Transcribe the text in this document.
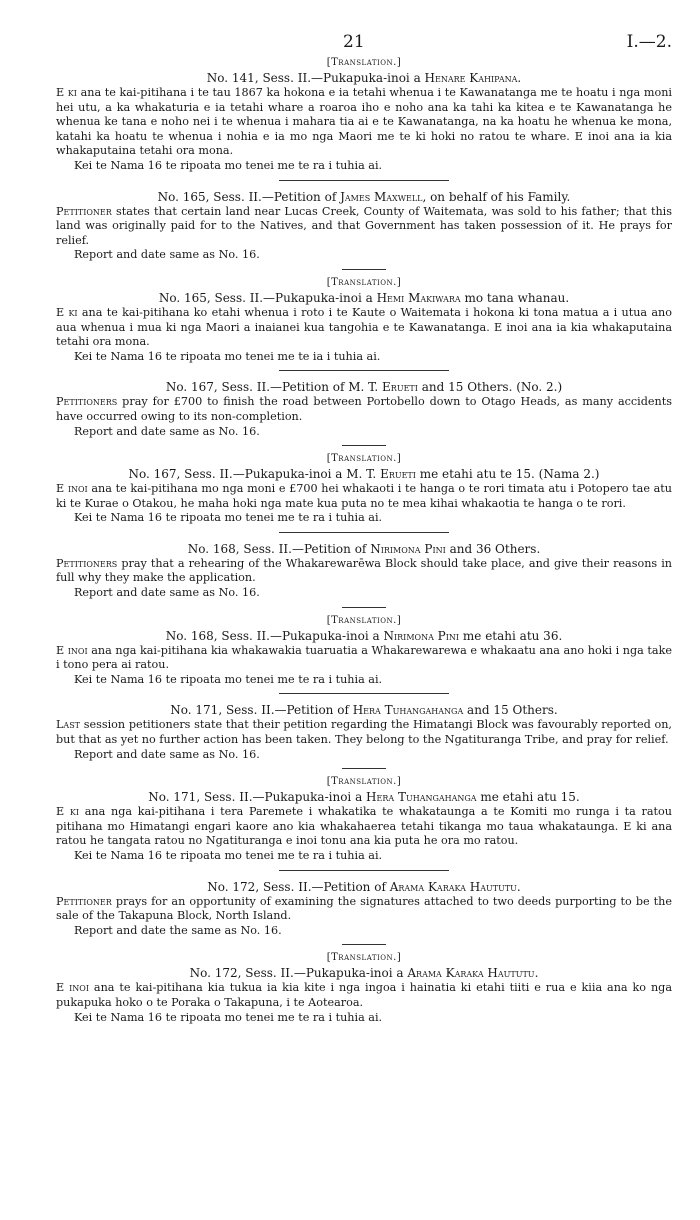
21	I.—2.

[Translation.]

No. 141, Sess. II.—Pukapuka-inoi a Henare Kahipana.

E ki ana te kai-pitihana i te tau 1867 ka hokona e ia tetahi whenua i te Kawanatanga me te hoatu i nga moni hei utu, a ka whakaturia e ia tetahi whare a roaroa iho e noho ana ka tahi ka kitea e te Kawanatanga he whenua ke tana e noho nei i te whenua i mahara tia ai e te Kawanatanga, na ka hoatu he whenua ke mona, katahi ka hoatu te whenua i nohia e ia mo nga Maori me te ki hoki no ratou te whare. E inoi ana ia kia whakaputaina tetahi ora mona.

Kei te Nama 16 te ripoata mo tenei me te ra i tuhia ai.

No. 165, Sess. II.—Petition of James Maxwell, on behalf of his Family.

Petitioner states that certain land near Lucas Creek, County of Waitemata, was sold to his father; that this land was originally paid for to the Natives, and that Government has taken possession of it. He prays for relief.

Report and date same as No. 16.

[Translation.]

No. 165, Sess. II.—Pukapuka-inoi a Hemi Makiwara mo tana whanau.

E ki ana te kai-pitihana ko etahi whenua i roto i te Kaute o Waitemata i hokona ki tona matua a i utua ano aua whenua i mua ki nga Maori a inaianei kua tangohia e te Kawanatanga. E inoi ana ia kia whakaputaina tetahi ora mona.

Kei te Nama 16 te ripoata mo tenei me te ia i tuhia ai.

No. 167, Sess. II.—Petition of M. T. Erueti and 15 Others. (No. 2.)

Petitioners pray for £700 to finish the road between Portobello down to Otago Heads, as many accidents have occurred owing to its non-completion.

Report and date same as No. 16.

[Translation.]

No. 167, Sess. II.—Pukapuka-inoi a M. T. Erueti me etahi atu te 15. (Nama 2.)

E inoi ana te kai-pitihana mo nga moni e £700 hei whakaoti i te hanga o te rori timata atu i Potopero tae atu ki te Kurae o Otakou, he maha hoki nga mate kua puta no te mea kihai whakaotia te hanga o te rori.

Kei te Nama 16 te ripoata mo tenei me te ra i tuhia ai.

No. 168, Sess. II.—Petition of Nirimona Pini and 36 Others.

Petitioners pray that a rehearing of the Whakarewarēwa Block should take place, and give their reasons in full why they make the application.

Report and date same as No. 16.

[Translation.]

No. 168, Sess. II.—Pukapuka-inoi a Nirimona Pini me etahi atu 36.

E inoi ana nga kai-pitihana kia whakawakia tuaruatia a Whakarewarewa e whakaatu ana ano hoki i nga take i tono pera ai ratou.

Kei te Nama 16 te ripoata mo tenei me te ra i tuhia ai.

No. 171, Sess. II.—Petition of Hera Tuhangahanga and 15 Others.

Last session petitioners state that their petition regarding the Himatangi Block was favourably reported on, but that as yet no further action has been taken. They belong to the Ngatituranga Tribe, and pray for relief.

Report and date same as No. 16.

[Translation.]

No. 171, Sess. II.—Pukapuka-inoi a Hera Tuhangahanga me etahi atu 15.

E ki ana nga kai-pitihana i tera Paremete i whakatika te whakataunga a te Komiti mo runga i ta ratou pitihana mo Himatangi engari kaore ano kia whakahaerea tetahi tikanga mo taua whakataunga. E ki ana ratou he tangata ratou no Ngatituranga e inoi tonu ana kia puta he ora mo ratou.

Kei te Nama 16 te ripoata mo tenei me te ra i tuhia ai.

No. 172, Sess. II.—Petition of Arama Karaka Haututu.

Petitioner prays for an opportunity of examining the signatures attached to two deeds purporting to be the sale of the Takapuna Block, North Island.

Report and date the same as No. 16.

[Translation.]

No. 172, Sess. II.—Pukapuka-inoi a Arama Karaka Haututu.

E inoi ana te kai-pitihana kia tukua ia kia kite i nga ingoa i hainatia ki etahi tiiti e rua e kiia ana ko nga pukapuka hoko o te Poraka o Takapuna, i te Aotearoa.

Kei te Nama 16 te ripoata mo tenei me te ra i tuhia ai.
